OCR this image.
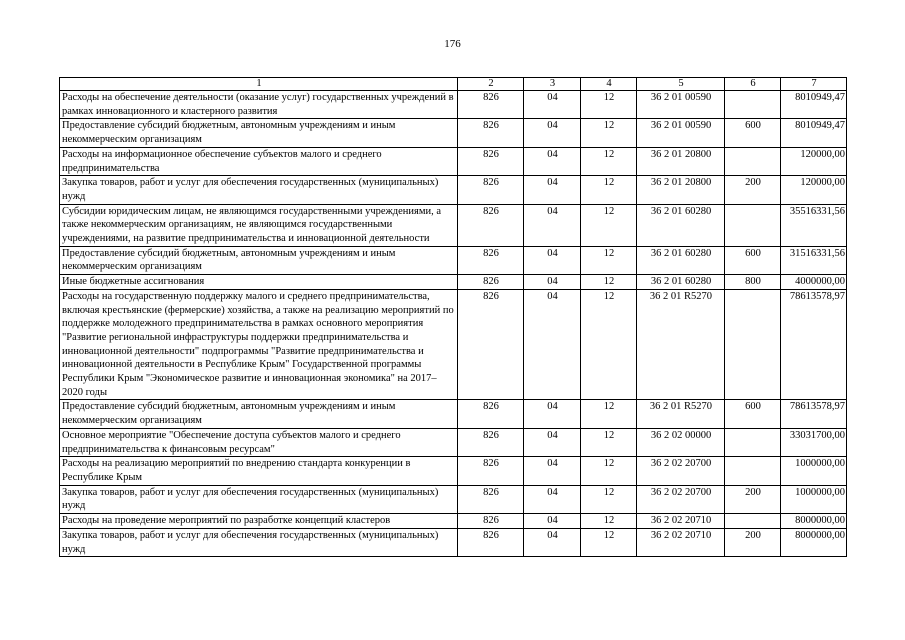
176
1	2	3	4	5	6	7
Расходы на обеспечение деятельности (оказание услуг) государственных учреждений в рамках инновационного и кластерного развития	826	04	12	36 2 01 00590		8010949,47
Предоставление субсидий бюджетным, автономным учреждениям и иным некоммерческим организациям	826	04	12	36 2 01 00590	600	8010949,47
Расходы на информационное обеспечение субъектов малого и среднего предпринимательства	826	04	12	36 2 01 20800		120000,00
Закупка товаров, работ и услуг для обеспечения государственных (муниципальных) нужд	826	04	12	36 2 01 20800	200	120000,00
Субсидии юридическим лицам, не являющимся государственными учреждениями, а также некоммерческим организациям, не являющимся государственными учреждениями, на развитие предпринимательства и инновационной деятельности	826	04	12	36 2 01 60280		35516331,56
Предоставление субсидий бюджетным, автономным учреждениям и иным некоммерческим организациям	826	04	12	36 2 01 60280	600	31516331,56
Иные бюджетные ассигнования	826	04	12	36 2 01 60280	800	4000000,00
Расходы на государственную поддержку малого и среднего предпринимательства, включая крестьянские (фермерские) хозяйства, а также на реализацию мероприятий по поддержке молодежного предпринимательства в рамках основного мероприятия "Развитие региональной инфраструктуры поддержки предпринимательства и инновационной деятельности" подпрограммы "Развитие предпринимательства и инновационной деятельности в Республике Крым" Государственной программы Республики Крым "Экономическое развитие и инновационная экономика" на 2017–2020 годы	826	04	12	36 2 01 R5270		78613578,97
Предоставление субсидий бюджетным, автономным учреждениям и иным некоммерческим организациям	826	04	12	36 2 01 R5270	600	78613578,97
Основное мероприятие "Обеспечение доступа субъектов малого и среднего предпринимательства к финансовым ресурсам"	826	04	12	36 2 02 00000		33031700,00
Расходы на реализацию мероприятий по внедрению стандарта конкуренции в Республике Крым	826	04	12	36 2 02 20700		1000000,00
Закупка товаров, работ и услуг для обеспечения государственных (муниципальных) нужд	826	04	12	36 2 02 20700	200	1000000,00
Расходы на проведение мероприятий по разработке концепций кластеров	826	04	12	36 2 02 20710		8000000,00
Закупка товаров, работ и услуг для обеспечения государственных (муниципальных) нужд	826	04	12	36 2 02 20710	200	8000000,00
